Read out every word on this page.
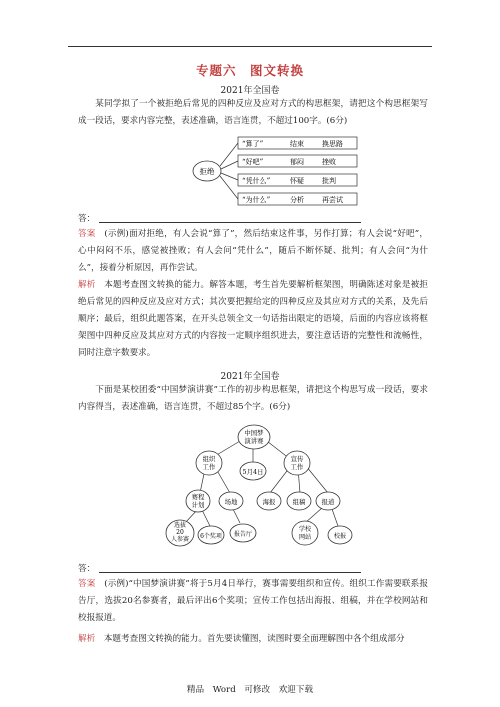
专题六　图文转换
2021年全国卷
某同学拟了一个被拒绝后常见的四种反应及应对方式的构思框架，请把这个构思框架写成一段话，要求内容完整，表述准确，语言连贯，不超过100字。(6分)
拒绝
“算了”	结束	换思路
“好吧”	郁闷	挫败
“凭什么”	怀疑	批判
“为什么”	分析	再尝试
答：
答案　 (示例)面对拒绝，有人会说“算了”，然后结束这件事，另作打算；有人会说“好吧”，心中闷闷不乐，感觉被挫败；有人会问“凭什么”，随后不断怀疑、批判；有人会问“为什么”，接着分析原因，再作尝试。
解析　 本题考查图文转换的能力。解答本题，考生首先要解析框架图，明确陈述对象是被拒绝后常见的四种反应及应对方式；其次要把握给定的四种反应及其应对方式的关系，及先后顺序；最后，组织此题答案，在开头总领全文一句话指出限定的语境，后面的内容应该将框架图中四种反应及其应对方式的内容按一定顺序组织进去，要注意话语的完整性和流畅性，同时注意字数要求。
2021年全国卷
下面是某校团委“中国梦演讲赛”工作的初步构思框架，请把这个构思写成一段话，要求内容得当，表述准确，语言连贯，不超过85个字。(6分)
中国梦
演讲赛
5月4日
组织
工作
宣传
工作
赛程
计划	场地	海报	组稿	报道
选拔
20
人参赛 6个奖项 报告厅
学校
网站	校报
答：
答案　 (示例)“中国梦演讲赛”将于5月4日举行，赛事需要组织和宣传。组织工作需要联系报告厅，选拔20名参赛者，最后评出6个奖项；宣传工作包括出海报、组稿，并在学校网站和校报报道。
解析　 本题考查图文转换的能力。首先要读懂图，读图时要全面理解图中各个组成部分
精品　Word　可修改　欢迎下载
